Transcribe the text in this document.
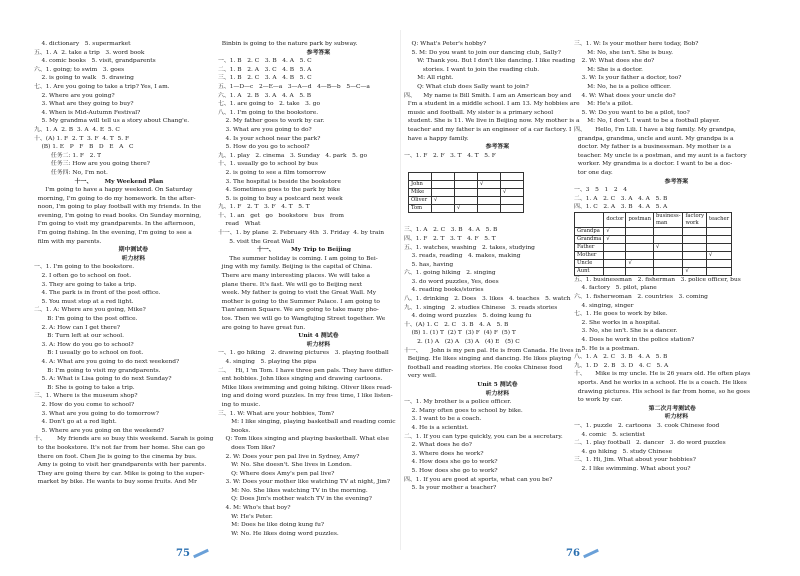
4. dictionary   5. supermarket

五、1. A  2. take a trip   3. word book

4. comic books   5. visit, grandparents

六、1. going; to swim   3. goes

2. is going to walk   5. drawing

七、1. Are you going to take a trip? Yes, I am.

2. Where are you going?

3. What are they going to buy?

4. When is Mid-Autumn Festival?

5. My grandma will tell us a story about Chang'e.

九、1. A  2. B  3. A  4. E  5. C

十、(A) 1. F  2. T  3. F  4. T  5. F

(B) 1. E   P   F   B   D   E   A   C

任务二: 1. F   2. T

任务三: How are you going there?

任务四: No, I'm not.

十一、      My Weekend Plan

I'm going to have a happy weekend. On Saturday

morning, I'm going to do my homework. In the after-

noon, I'm going to play football with my friends. In the

evening, I'm going to read books. On Sunday morning,

I'm going to visit my grandparents. In the afternoon,

I'm going fishing. In the evening, I'm going to see a

film with my parents.

期中测试卷

听力材料

一、1. I'm going to the bookstore.

2. I often go to school on foot.

3. They are going to take a trip.

4. The park is in front of the post office.

5. You must stop at a red light.

二、1. A: Where are you going, Mike?

B: I'm going to the post office.

2. A: How can I get there?

B: Turn left at our school.

3. A: How do you go to school?

B: I usually go to school on foot.

4. A: What are you going to do next weekend?

B: I'm going to visit my grandparents.

5. A: What is Lisa going to do next Sunday?

B: She is going to take a trip.

三、1. Where is the museum shop?

2. How do you come to school?

3. What are you going to do tomorrow?

4. Don't go at a red light.

5. Where are you going on the weekend?

十、      My friends are so busy this weekend. Sarah is going

to the bookstore. It's not far from her home. She can go

there on foot. Chen Jie is going to the cinema by bus.

Amy is going to visit her grandparents with her parents.

They are going there by car. Mike is going to the super-

market by bike. He wants to buy some fruits. And Mr

Binbin is going to the nature park by subway.

参考答案

一、1. B   2. C   3. B   4. A   5. C

二、1. B   2. A   3. C   4. B   5. A

三、1. B   2. C   3. A   4. B   5. C

五、1—D—c   2—E—a   3—A—d   4—B—b   5—C—a

六、1. A   2. B   3. A   4. A   5. B

七、1. are going to   2. take   3. go

八、1. I'm going to the bookstore.

2. My father goes to work by car.

3. What are you going to do?

4. Is your school near the park?

5. How do you go to school?

九、1. play   2. cinema   3. Sunday   4. park   5. go

十、1. usually go to school by bus

2. is going to see a film tomorrow

3. The hospital is beside the bookstore

4. Sometimes goes to the park by bike

5. is going to buy a postcard next week

九、1. F   2. T   3. F   4. T   5. T

十、1. an   get   go   bookstore   bus   from

read   What

十一、1. by plane  2. February 4th  3. Friday  4. by train

5. visit the Great Wall

十一、        My Trip to Beijing

The summer holiday is coming. I am going to Bei-

jing with my family. Beijing is the capital of China.

There are many interesting places. We will take a

plane there. It's fast. We will go to Beijing next

week. My father is going to visit the Great Wall. My

mother is going to the Summer Palace. I am going to

Tian'anmen Square. We are going to take many pho-

tos. Then we will go to Wangfujing Street together. We

are going to have great fun.

Unit 4 测试卷

听力材料

一、1. go hiking   2. drawing pictures   3. playing football

4. singing   5. playing the pipa

二、   Hi, I 'm Tom. I have three pen pals. They have differ-

ent hobbies. John likes singing and drawing cartoons.

Mike likes swimming and going hiking. Oliver likes read-

ing and doing word puzzles. In my free time, I like listen-

ing to music.

三、1. W: What are your hobbies, Tom?

M: I like singing, playing basketball and reading comic

books.

Q: Tom likes singing and playing basketball. What else

does Tom like?

2. W: Does your pen pal live in Sydney, Amy?

W: No. She doesn't. She lives in London.

Q: Where does Amy's pen pal live?

3. W: Does your mother like watching TV at night, Jim?

M: No. She likes watching TV in the morning.

Q: Does Jim's mother watch TV in the evening?

4. M: Who's that boy?

W: He's Peter.

M: Does he like doing kung fu?

W: No. He likes doing word puzzles.

Q: What's Peter's hobby?

5. M: Do you want to join our dancing club, Sally?

W: Thank you. But I don't like dancing. I like reading

stories. I want to join the reading club.

M: All right.

Q: What club does Sally want to join?

四、    My name is Bill Smith. I am an American boy and

I'm a student in a middle school. I am 13. My hobbies are

music and football. My sister is a primary school

student. She is 11. We live in Beijing now. My mother is a

teacher and my father is an engineer of a car factory. I

have a happy family.

参考答案

一、1. F   2. F   3. T   4. T   5. F

三、1. A   2. C   3. B   4. A   5. B

四、1. F   2. T   3. T   4. F   5. T

五、1. watches, washing   2. takes, studying

3. reads, reading   4. makes, making

5. has, having

六、1. going hiking   2. singing

3. do word puzzles, Yes, does

4. reading books/stories

八、1. drinking   2. Does   3. likes   4. teaches   5. watch

九、1. singing   2. studies Chinese   3. reads stories

4. doing word puzzles   5. doing kung fu

十、(A) 1. C   2. C   3. B   4. A   5. B

(B) 1. (1) T  (2) T  (3) F  (4) F  (5) T

2. (1) A   (2) A   (3) A   (4) E   (5) C

十一、     John is my pen pal. He is from Canada. He lives in

Beijing. He likes singing and dancing. He likes playing

football and reading stories. He cooks Chinese food

very well.

Unit 5 测试卷

听力材料

一、1. My brother is a police officer.

2. Many often goes to school by bike.

3. I want to be a coach.

4. He is a scientist.

二、1. If you can type quickly, you can be a secretary.

2. What does he do?

3. Where does he work?

4. How does she go to work?

5. How does she go to work?

四、1. If you are good at sports, what can you be?

5. Is your mother a teacher?

三、1. W: Is your mother here today, Bob?

M: No, she isn't. She is busy.

2. W: What does she do?

M: She is a doctor.

3. W: Is your father a doctor, too?

M: No, he is a police officer.

4. W: What does your uncle do?

M: He's a pilot.

5. W: Do you want to be a pilot, too?

M: No, I don't. I want to be a football player.

四、     Hello, I'm Lili. I have a big family. My grandpa,

grandpa, grandma, uncle and aunt. My grandpa is a

doctor. My father is a businessman. My mother is a

teacher. My uncle is a postman, and my aunt is a factory

worker. My grandma is a doctor. I want to be a doc-

tor one day.

参考答案

一、3   5   1   2   4

二、1. A   2. C   3. A   4. A   5. B

四、1. C   2. A   3. B   4. A   5. A

	doctor	postman	business-man	factory work	teacher
Grandpa	√				
Grandma	√				
Father			√		
Mother					√
Uncle		√			
Aunt				√	

五、1. businessman   2. fisherman   3. police officer, bus

4. factory   5. pilot, plane

六、1. fisherwoman   2. countries   3. coming

4. singing, singer

七、1. He goes to work by bike.

2. She works in a hospital.

3. No, she isn't. She is a dancer.

4. Does he work in the police station?

5. He is a postman.

八、1. A   2. C   3. B   4. A   5. B

九、1. D   2. B   3. D   4. C   5. A

十、     Mike is my uncle. He is 26 years old. He often plays

sports. And he works in a school. He is a coach. He likes

drawing pictures. His school is far from home, so he goes

to work by car.

第二次月考测试卷

听力材料

一、1. puzzle   2. cartoons   3. cook Chinese food

4. comic   5. scientist

二、1. play football   2. dancer   3. do word puzzles

4. go hiking   5. study Chinese

三、1. Hi, Jim. What about your hobbies?

2. I like swimming. What about you?

John			√	
Mike				√
Oliver	√			
Tom		√		
75	76
